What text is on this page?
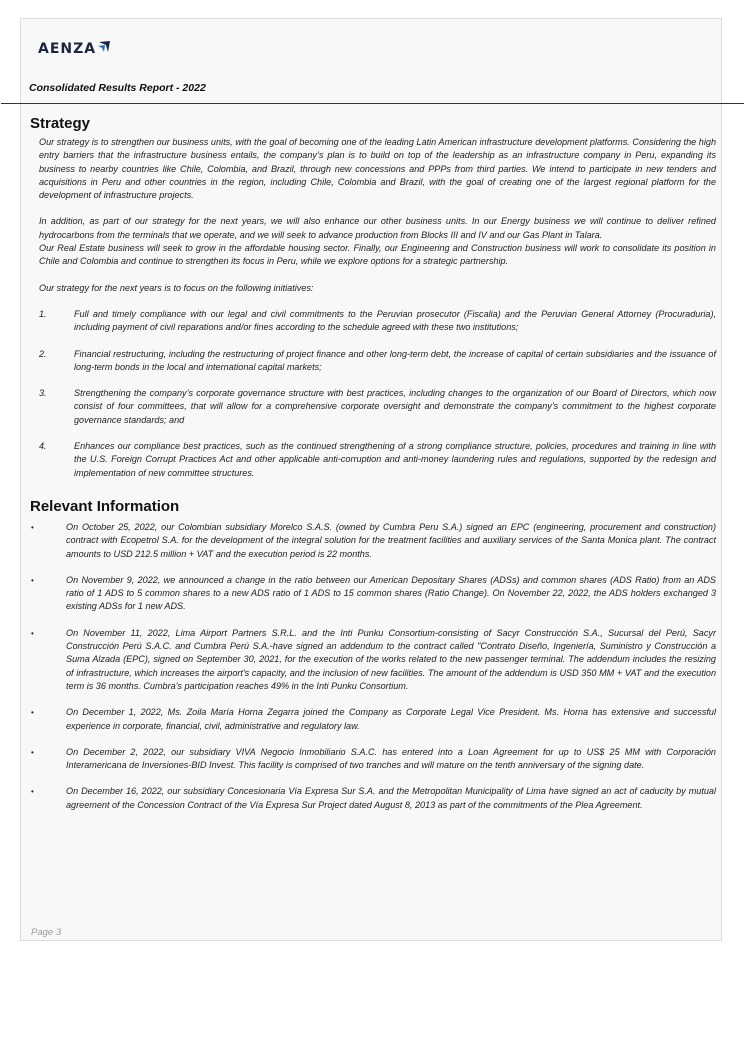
AENZA
Consolidated Results Report - 2022
Strategy

Our strategy is to strengthen our business units, with the goal of becoming one of the leading Latin American infrastructure development platforms. Considering the high entry barriers that the infrastructure business entails, the company’s plan is to build on top of the leadership as an infrastructure company in Peru, expanding its business to nearby countries like Chile, Colombia, and Brazil, through new concessions and PPPs from third parties. We intend to participate in new tenders and acquisitions in Peru and other countries in the region, including Chile, Colombia and Brazil, with the goal of creating one of the largest regional platform for the development of infrastructure projects.

In addition, as part of our strategy for the next years, we will also enhance our other business units. In our Energy business we will continue to deliver refined hydrocarbons from the terminals that we operate, and we will seek to advance production from Blocks III and IV and our Gas Plant in Talara.

Our Real Estate business will seek to grow in the affordable housing sector. Finally, our Engineering and Construction business will work to consolidate its position in Chile and Colombia and continue to strengthen its focus in Peru, while we explore options for a strategic partnership.

Our strategy for the next years is to focus on the following initiatives:

1.	Full and timely compliance with our legal and civil commitments to the Peruvian prosecutor (Fiscalia) and the Peruvian General Attorney (Procuraduria), including payment of civil reparations and/or fines according to the schedule agreed with these two institutions;
2.	Financial restructuring, including the restructuring of project finance and other long-term debt, the increase of capital of certain subsidiaries and the issuance of long-term bonds in the local and international capital markets;
3.	Strengthening the company’s corporate governance structure with best practices, including changes to the organization of our Board of Directors, which now consist of four committees, that will allow for a comprehensive corporate oversight and demonstrate the company’s commitment to the highest corporate governance standards; and
4.	Enhances our compliance best practices, such as the continued strengthening of a strong compliance structure, policies, procedures and training in line with the U.S. Foreign Corrupt Practices Act and other applicable anti-corruption and anti-money laundering rules and regulations, supported by the redesign and implementation of new committee structures.
Relevant Information
•
On October 25, 2022, our Colombian subsidiary Morelco S.A.S. (owned by Cumbra Peru S.A.) signed an EPC (engineering, procurement and construction) contract with Ecopetrol S.A. for the development of the integral solution for the treatment facilities and auxiliary services of the Santa Monica plant. The contract amounts to USD 212.5 million + VAT and the execution period is 22 months.
•
On November 9, 2022, we announced a change in the ratio between our American Depositary Shares (ADSs) and common shares (ADS Ratio) from an ADS ratio of 1 ADS to 5 common shares to a new ADS ratio of 1 ADS to 15 common shares (Ratio Change). On November 22, 2022, the ADS holders exchanged 3 existing ADSs for 1 new ADS.
•
On November 11, 2022, Lima Airport Partners S.R.L. and the Inti Punku Consortium-consisting of Sacyr Construcción S.A., Sucursal del Perú, Sacyr Construcción Perú S.A.C. and Cumbra Perú S.A.-have signed an addendum to the contract called "Contrato Diseño, Ingeniería, Suministro y Construcción a Suma Alzada (EPC), signed on September 30, 2021, for the execution of the works related to the new passenger terminal. The addendum includes the resizing of infrastructure, which increases the airport's capacity, and the inclusion of new facilities. The amount of the addendum is USD 350 MM + VAT and the execution term is 36 months. Cumbra's participation reaches 49% in the Inti Punku Consortium.
•
On December 1, 2022, Ms. Zoila María Horna Zegarra joined the Company as Corporate Legal Vice President. Ms. Horna has extensive and successful experience in corporate, financial, civil, administrative and regulatory law.
•
On December 2, 2022, our subsidiary VIVA Negocio Inmobiliario S.A.C. has entered into a Loan Agreement for up to US$ 25 MM with Corporación Interamericana de Inversiones-BID Invest. This facility is comprised of two tranches and will mature on the tenth anniversary of the signing date.
•
On December 16, 2022, our subsidiary Concesionaria Vía Expresa Sur S.A. and the Metropolitan Municipality of Lima have signed an act of caducity by mutual agreement of the Concession Contract of the Vía Expresa Sur Project dated August 8, 2013 as part of the commitments of the Plea Agreement.
Page 3
